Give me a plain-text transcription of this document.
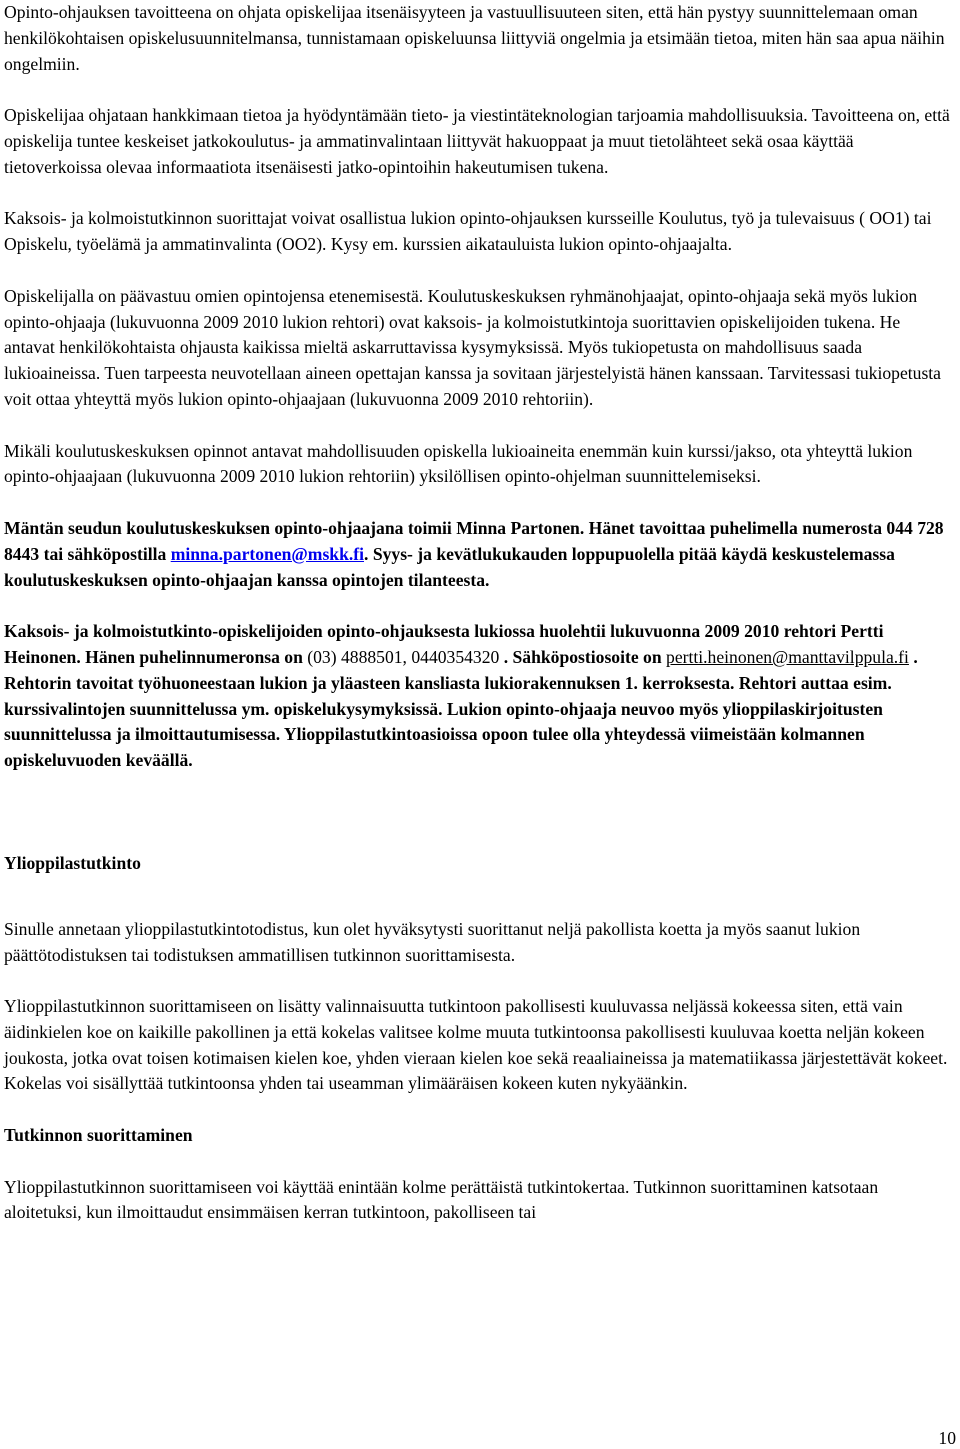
Opinto-ohjauksen tavoitteena on ohjata opiskelijaa itsenäisyyteen ja vastuullisuuteen siten, että hän pystyy suunnittelemaan oman henkilökohtaisen opiskelusuunnitelmansa, tunnistamaan opiskeluunsa liittyviä ongelmia ja etsimään tietoa, miten hän saa apua näihin ongelmiin.

Opiskelijaa ohjataan hankkimaan tietoa ja hyödyntämään tieto- ja viestintäteknologian tarjoamia mahdollisuuksia. Tavoitteena on, että opiskelija tuntee keskeiset jatkokoulutus- ja ammatinvalintaan liittyvät hakuoppaat ja muut tietolähteet sekä osaa käyttää tietoverkoissa olevaa informaatiota itsenäisesti jatko-opintoihin hakeutumisen tukena.

Kaksois- ja kolmoistutkinnon suorittajat voivat osallistua lukion opinto-ohjauksen kursseille Koulutus, työ ja tulevaisuus ( OO1) tai Opiskelu, työelämä ja ammatinvalinta (OO2). Kysy em. kurssien aikatauluista lukion opinto-ohjaajalta.

Opiskelijalla on päävastuu omien opintojensa etenemisestä. Koulutuskeskuksen ryhmänohjaajat, opinto-ohjaaja sekä myös lukion opinto-ohjaaja (lukuvuonna 2009 2010 lukion rehtori) ovat kaksois- ja kolmoistutkintoja suorittavien opiskelijoiden tukena. He antavat henkilökohtaista ohjausta kaikissa mieltä askarruttavissa kysymyksissä. Myös tukiopetusta on mahdollisuus saada lukioaineissa. Tuen tarpeesta neuvotellaan aineen opettajan kanssa ja sovitaan järjestelyistä hänen kanssaan. Tarvitessasi tukiopetusta voit ottaa yhteyttä myös lukion opinto-ohjaajaan (lukuvuonna 2009 2010 rehtoriin).

Mikäli koulutuskeskuksen opinnot antavat mahdollisuuden opiskella lukioaineita enemmän kuin kurssi/jakso, ota yhteyttä lukion opinto-ohjaajaan (lukuvuonna 2009 2010 lukion rehtoriin) yksilöllisen opinto-ohjelman suunnittelemiseksi.

Mäntän seudun koulutuskeskuksen opinto-ohjaajana toimii Minna Partonen. Hänet tavoittaa puhelimella numerosta 044 728 8443 tai sähköpostilla minna.partonen@mskk.fi. Syys- ja kevätlukukauden loppupuolella pitää käydä keskustelemassa koulutuskeskuksen opinto-ohjaajan kanssa opintojen tilanteesta.

Kaksois- ja kolmoistutkinto-opiskelijoiden opinto-ohjauksesta lukiossa huolehtii lukuvuonna 2009 2010 rehtori Pertti Heinonen. Hänen puhelinnumeronsa on (03) 4888501, 0440354320 . Sähköpostiosoite on pertti.heinonen@manttavilppula.fi . Rehtorin tavoitat työhuoneestaan lukion ja yläasteen kansliasta lukiorakennuksen 1. kerroksesta. Rehtori auttaa esim. kurssivalintojen suunnittelussa ym. opiskelukysymyksissä. Lukion opinto-ohjaaja neuvoo myös ylioppilaskirjoitusten suunnittelussa ja ilmoittautumisessa. Ylioppilastutkintoasioissa opoon tulee olla yhteydessä viimeistään kolmannen opiskeluvuoden keväällä.

Ylioppilastutkinto

Sinulle annetaan ylioppilastutkintotodistus, kun olet hyväksytysti suorittanut neljä pakollista koetta ja myös saanut lukion päättötodistuksen tai todistuksen ammatillisen tutkinnon suorittamisesta.

Ylioppilastutkinnon suorittamiseen on lisätty valinnaisuutta tutkintoon pakollisesti kuuluvassa neljässä kokeessa siten, että vain äidinkielen koe on kaikille pakollinen ja että kokelas valitsee kolme muuta tutkintoonsa pakollisesti kuuluvaa koetta neljän kokeen joukosta, jotka ovat toisen kotimaisen kielen koe, yhden vieraan kielen koe sekä reaaliaineissa ja matematiikassa järjestettävät kokeet. Kokelas voi sisällyttää tutkintoonsa yhden tai useamman ylimääräisen kokeen kuten nykyäänkin.

Tutkinnon suorittaminen

Ylioppilastutkinnon suorittamiseen voi käyttää enintään kolme perättäistä tutkintokertaa. Tutkinnon suorittaminen katsotaan aloitetuksi, kun ilmoittaudut ensimmäisen kerran tutkintoon, pakolliseen tai

10
